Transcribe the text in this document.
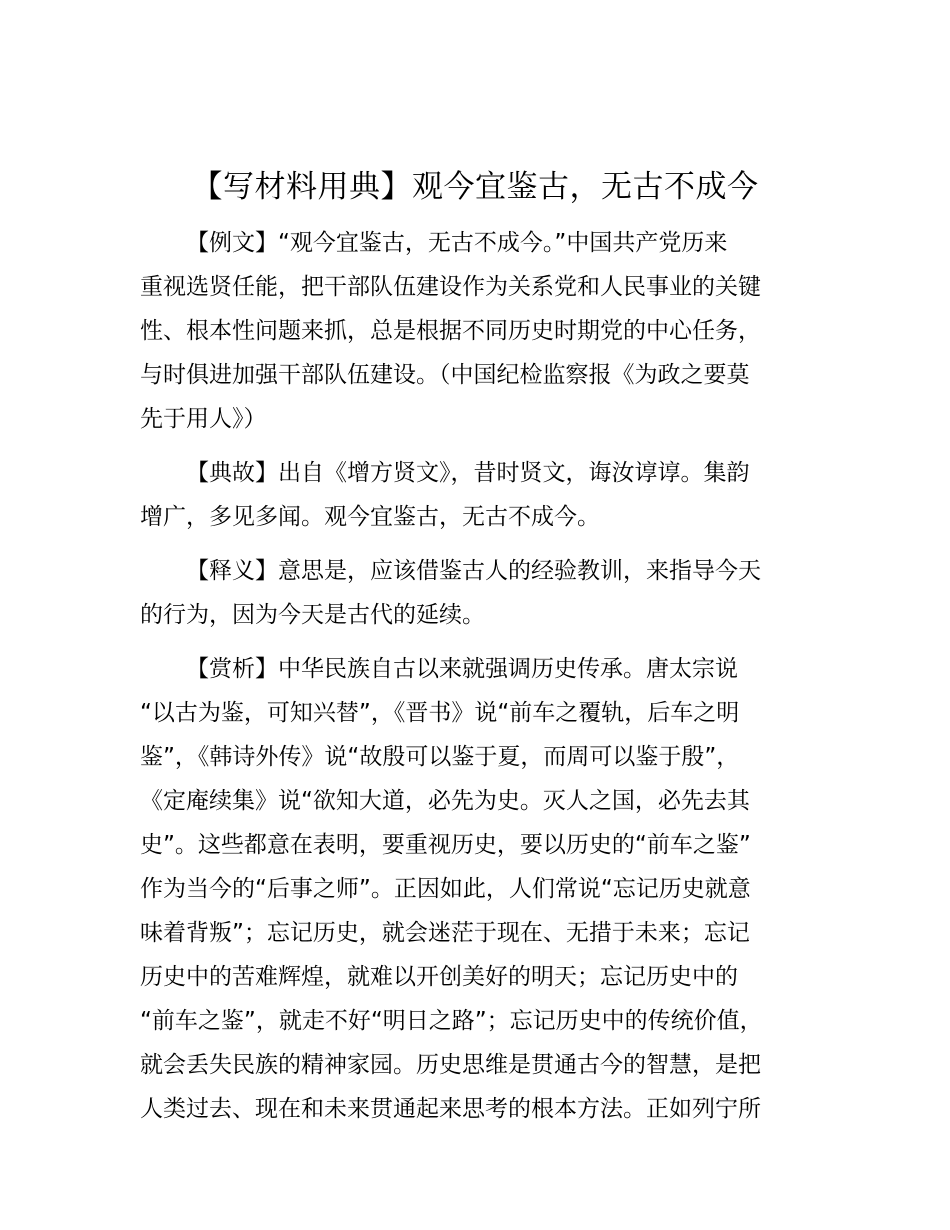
【写材料用典】观今宜鉴古，无古不成今
【例文】“观今宜鉴古，无古不成今。”中国共产党历来
重视选贤任能，把干部队伍建设作为关系党和人民事业的关键
性、根本性问题来抓，总是根据不同历史时期党的中心任务，
与时俱进加强干部队伍建设。（中国纪检监察报《为政之要莫
先于用人》）
【典故】出自《增方贤文》，昔时贤文，诲汝谆谆。集韵
增广，多见多闻。观今宜鉴古，无古不成今。
【释义】意思是，应该借鉴古人的经验教训，来指导今天
的行为，因为今天是古代的延续。
【赏析】中华民族自古以来就强调历史传承。唐太宗说
“以古为鉴，可知兴替”，《晋书》说“前车之覆轨，后车之明
鉴”，《韩诗外传》说“故殷可以鉴于夏，而周可以鉴于殷”，
《定庵续集》说“欲知大道，必先为史。灭人之国，必先去其
史”。这些都意在表明，要重视历史，要以历史的“前车之鉴”
作为当今的“后事之师”。正因如此，人们常说“忘记历史就意
味着背叛”；忘记历史，就会迷茫于现在、无措于未来；忘记
历史中的苦难辉煌，就难以开创美好的明天；忘记历史中的
“前车之鉴”，就走不好“明日之路”；忘记历史中的传统价值，
就会丢失民族的精神家园。历史思维是贯通古今的智慧，是把
人类过去、现在和未来贯通起来思考的根本方法。正如列宁所
